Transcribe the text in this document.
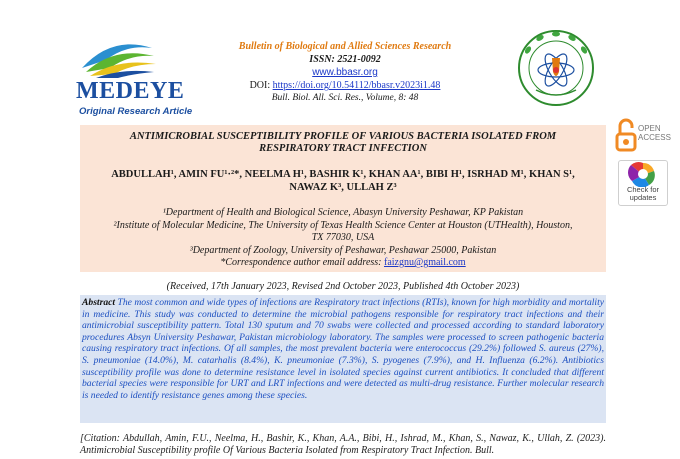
MEDEYE
Original Research Article
Bulletin of Biological and Allied Sciences Research
ISSN: 2521-0092
www.bbasr.org
DOI: https://doi.org/10.54112/bbasr.v2023i1.48
Bull. Biol. All. Sci. Res., Volume, 8: 48
OPEN
ACCESS
Check for
updates
ANTIMICROBIAL SUSCEPTIBILITY PROFILE OF VARIOUS BACTERIA ISOLATED FROM
RESPIRATORY TRACT INFECTION
ABDULLAH¹, AMIN FU¹·²*, NEELMA H¹, BASHIR K¹, KHAN AA¹, BIBI H¹, ISRHAD M¹, KHAN S¹,
NAWAZ K³, ULLAH Z³
¹Department of Health and Biological Science, Abasyn University Peshawar, KP Pakistan
²Institute of Molecular Medicine, The University of Texas Health Science Center at Houston (UTHealth), Houston,
TX 77030, USA
³Department of Zoology, University of Peshawar, Peshawar 25000, Pakistan
*Correspondence author email address: faizgnu@gmail.com
(Received, 17th January 2023, Revised 2nd October 2023, Published 4th October 2023)
Abstract The most common and wide types of infections are Respiratory tract infections (RTIs), known for high morbidity and mortality in medicine. This study was conducted to determine the microbial pathogens responsible for respiratory tract infections and their antimicrobial susceptibility pattern. Total 130 sputum and 70 swabs were collected and processed according to standard laboratory procedures Absyn University Peshawar, Pakistan microbiology laboratory. The samples were processed to screen pathogenic bacteria causing respiratory tract infections. Of all samples, the most prevalent bacteria were enterococcus (29.2%) followed S. aureus (27%), S. pneumoniae (14.0%), M. catarhalis (8.4%), K. pneumoniae (7.3%), S. pyogenes (7.9%), and H. Influenza (6.2%). Antibiotics susceptibility profile was done to determine resistance level in isolated species against current antibiotics. It concluded that different bacterial species were responsible for URT and LRT infections and were detected as multi-drug resistance. Further molecular research is needed to identify resistance genes among these species.
[Citation: Abdullah, Amin, F.U., Neelma, H., Bashir, K., Khan, A.A., Bibi, H., Ishrad, M., Khan, S., Nawaz, K., Ullah, Z. (2023). Antimicrobial Susceptibility profile Of Various Bacteria Isolated from Respiratory Tract Infection. Bull.
